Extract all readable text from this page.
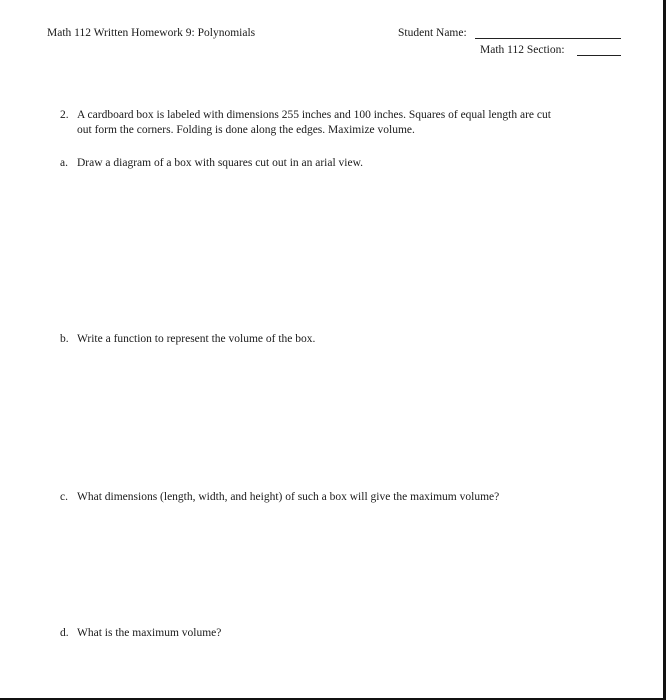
Math 112 Written Homework 9: Polynomials	Student Name:
Math 112 Section:
2. A cardboard box is labeled with dimensions 255 inches and 100 inches. Squares of equal length are cut
out form the corners. Folding is done along the edges. Maximize volume.
a. Draw a diagram of a box with squares cut out in an arial view.
b. Write a function to represent the volume of the box.
c. What dimensions (length, width, and height) of such a box will give the maximum volume?
d. What is the maximum volume?
